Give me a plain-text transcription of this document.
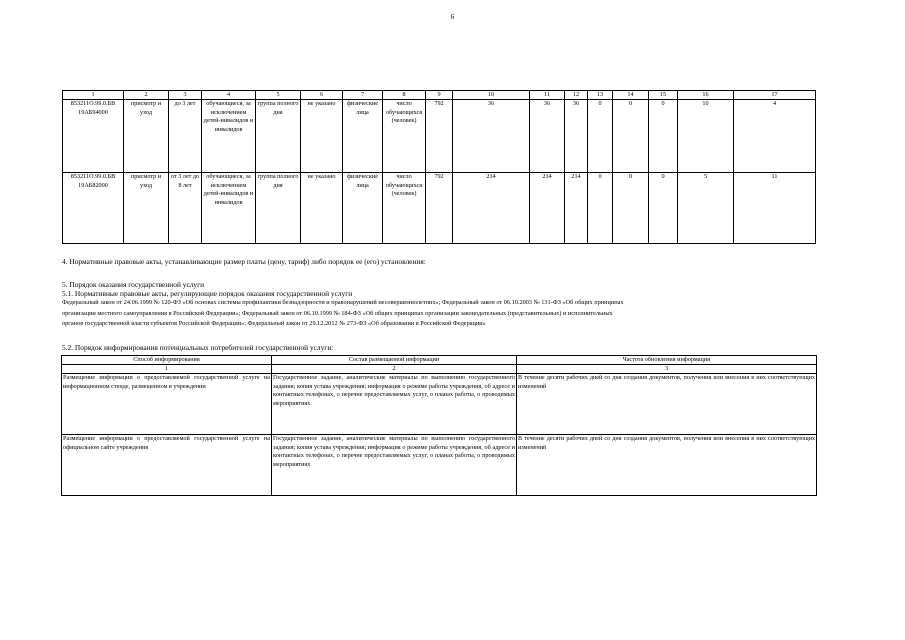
6
1	2	3	4	5	6	7	8	9	10	11	12	13	14	15	16	17
853211О.99.0.БВ 19АБ94000	присмотр и уход	до 3 лет	обучающиеся, за исключением детей-инвалидов и инвалидов	группа полного дня	не указано	физические лица	число обучающихся (человек)	792	36	36	36	0	0	0	10	4
853211О.99.0.БВ 19АБ82000	присмотр и уход	от 3 лет до 8 лет	обучающиеся, за исключением детей-инвалидов и инвалидов	группа полного дня	не указано	физические лица	число обучающихся (человек)	792	214	214	214	0	0	0	5	11
4. Нормативные правовые акты, устанавливающие размер платы (цену, тариф) либо порядок ее (его) установления:
5. Порядок оказания государственной услуги
5.1. Нормативные правовые акты, регулирующие порядок оказания государственной услуги
Федеральный закон от 24.06.1999 № 120-ФЗ «Об основах системы профилактики безнадзорности и правонарушений несовершеннолетних»; Федеральный закон от 06.10.2003 № 131-ФЗ «Об общих принципах
организации местного самоуправления в Российской Федерации»; Федеральный закон от 06.10.1999 № 184-ФЗ «Об общих принципах организации законодательных (представительных) и исполнительных
органов государственной власти субъектов Российской Федерации»; Федеральный закон от 29.12.2012 № 273-ФЗ «Об образовании в Российской Федерации»
5.2. Порядок информирования потенциальных потребителей государственной услуги:
Способ информирования	Состав размещаемой информации	Частота обновления информации
1	2	3
Размещение информации о предоставляемой государственной услуге на информационном стенде, размещенном в учреждении	Государственное задание, аналитические материалы по выполнению государственного задания; копия устава учреждения; информация о режиме работы учреждения, об адресе и контактных телефонах, о перечне предоставляемых услуг, о планах работы, о проводимых мероприятиях	В течение десяти рабочих дней со дня создания документов, получения или внесения в них соответствующих изменений
Размещение информации о предоставляемой государственной услуге на официальном сайте учреждения	Государственное задание, аналитические материалы по выполнению государственного задания; копия устава учреждения; информация о режиме работы учреждения, об адресе и контактных телефонах, о перечне предоставляемых услуг, о планах работы, о проводимых мероприятиях	В течение десяти рабочих дней со дня создания документов, получения или внесения в них соответствующих изменений
